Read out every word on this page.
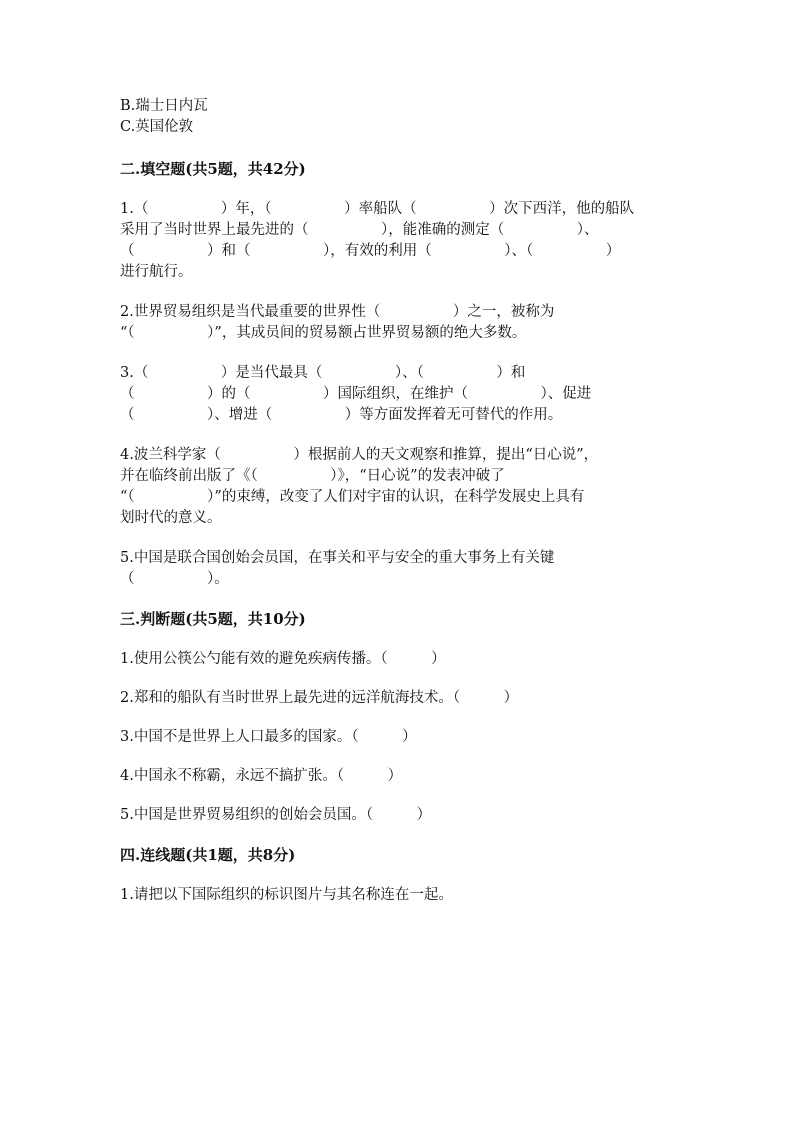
B.瑞士日内瓦

C.英国伦敦

二.填空题(共5题，共42分)

1.（　　　　　）年，（　　　　　）率船队（　　　　　）次下西洋，他的船队

采用了当时世界上最先进的（　　　　　），能准确的测定（　　　　　）、

（　　　　　）和（　　　　　），有效的利用（　　　　　）、（　　　　　）

进行航行。

2.世界贸易组织是当代最重要的世界性（　　　　　）之一，被称为

“（　　　　　）”，其成员间的贸易额占世界贸易额的绝大多数。

3.（　　　　　）是当代最具（　　　　　）、（　　　　　）和

（　　　　　）的（　　　　　）国际组织，在维护（　　　　　）、促进

（　　　　　）、增进（　　　　　）等方面发挥着无可替代的作用。

4.波兰科学家（　　　　　）根据前人的天文观察和推算，提出“日心说”，

并在临终前出版了《（　　　　　）》，“日心说”的发表冲破了

“（　　　　　）”的束缚，改变了人们对宇宙的认识，在科学发展史上具有

划时代的意义。

5.中国是联合国创始会员国，在事关和平与安全的重大事务上有关键

（　　　　　）。

三.判断题(共5题，共10分)

1.使用公筷公勺能有效的避免疾病传播。（　　　）

2.郑和的船队有当时世界上最先进的远洋航海技术。（　　　）

3.中国不是世界上人口最多的国家。（　　　）

4.中国永不称霸，永远不搞扩张。（　　　）

5.中国是世界贸易组织的创始会员国。（　　　）

四.连线题(共1题，共8分)

1.请把以下国际组织的标识图片与其名称连在一起。
